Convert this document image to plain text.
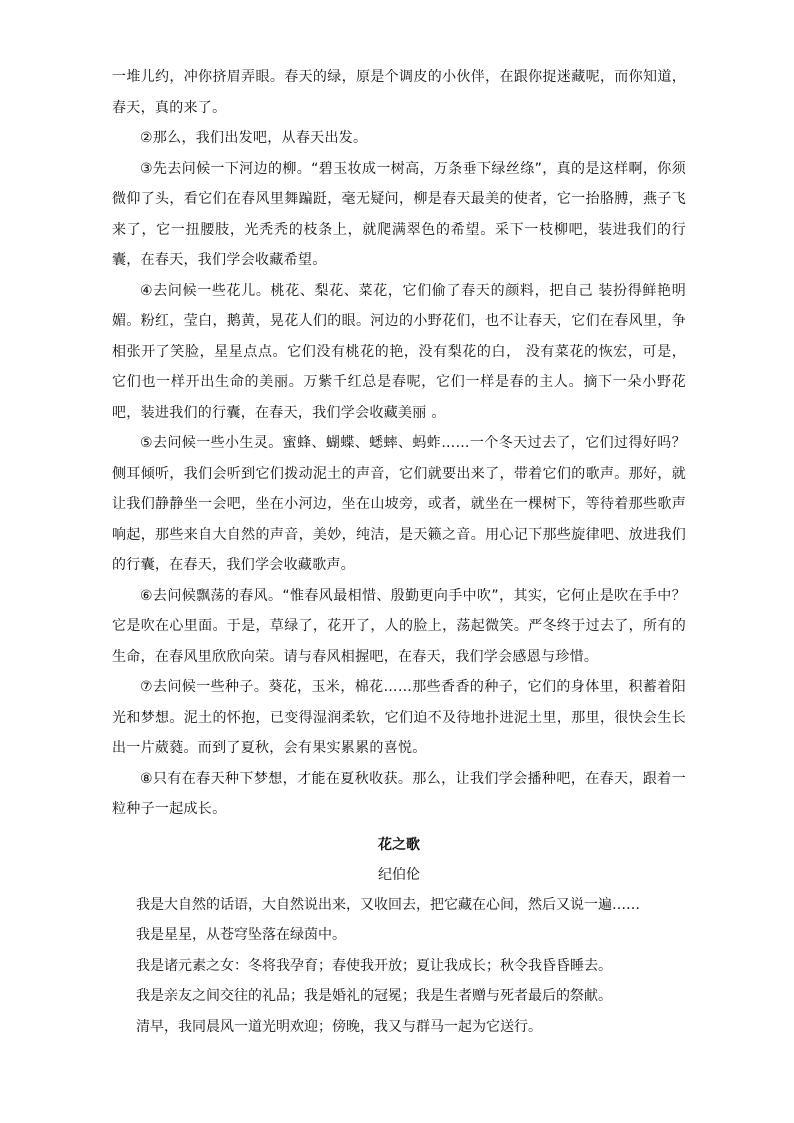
一堆儿约，冲你挤眉弄眼。春天的绿，原是个调皮的小伙伴，在跟你捉迷藏呢，而你知道，春天，真的来了。

②那么，我们出发吧，从春天出发。

③先去问候一下河边的柳。“碧玉妆成一树高，万条垂下绿丝绦”，真的是这样啊，你须微仰了头，看它们在春风里舞蹁跹，毫无疑问，柳是春天最美的使者，它一抬胳膊，燕子飞来了，它一扭腰肢，光秃秃的枝条上，就爬满翠色的希望。采下一枝柳吧，装进我们的行囊，在春天，我们学会收藏希望。

④去问候一些花儿。桃花、梨花、菜花，它们偷了春天的颜料，把自己 装扮得鲜艳明媚。粉红，莹白，鹅黄，晃花人们的眼。河边的小野花们，也不让春天，它们在春风里，争相张开了笑脸，星星点点。它们没有桃花的艳，没有梨花的白， 没有菜花的恢宏，可是，它们也一样开出生命的美丽。万紫千红总是春呢，它们一样是春的主人。摘下一朵小野花吧，装进我们的行囊，在春天，我们学会收藏美丽 。

⑤去问候一些小生灵。蜜蜂、蝴蝶、蟋蟀、蚂蚱……一个冬天过去了，它们过得好吗？侧耳倾听，我们会听到它们拨动泥土的声音，它们就要出来了，带着它们的歌声。那好，就让我们静静坐一会吧，坐在小河边，坐在山坡旁，或者，就坐在一棵树下，等待着那些歌声响起，那些来自大自然的声音，美妙，纯洁，是天籁之音。用心记下那些旋律吧、放进我们的行囊，在春天，我们学会收藏歌声。

⑥去问候飘荡的春风。“惟春风最相惜、殷勤更向手中吹”，其实，它何止是吹在手中？它是吹在心里面。于是，草绿了，花开了，人的脸上，荡起微笑。严冬终于过去了，所有的生命，在春风里欣欣向荣。请与春风相握吧，在春天，我们学会感恩与珍惜。

⑦去问候一些种子。葵花，玉米，棉花……那些香香的种子，它们的身体里，积蓄着阳光和梦想。泥土的怀抱，已变得湿润柔软，它们迫不及待地扑进泥土里，那里，很快会生长出一片葳蕤。而到了夏秋，会有果实累累的喜悦。

⑧只有在春天种下梦想，才能在夏秋收获。那么，让我们学会播种吧，在春天，跟着一粒种子一起成长。

花之歌

纪伯伦

我是大自然的话语，大自然说出来，又收回去，把它藏在心间，然后又说一遍……

我是星星，从苍穹坠落在绿茵中。

我是诸元素之女：冬将我孕育；春使我开放；夏让我成长；秋令我昏昏睡去。

我是亲友之间交往的礼品；我是婚礼的冠冕；我是生者赠与死者最后的祭献。

清早，我同晨风一道光明欢迎；傍晚，我又与群马一起为它送行。
